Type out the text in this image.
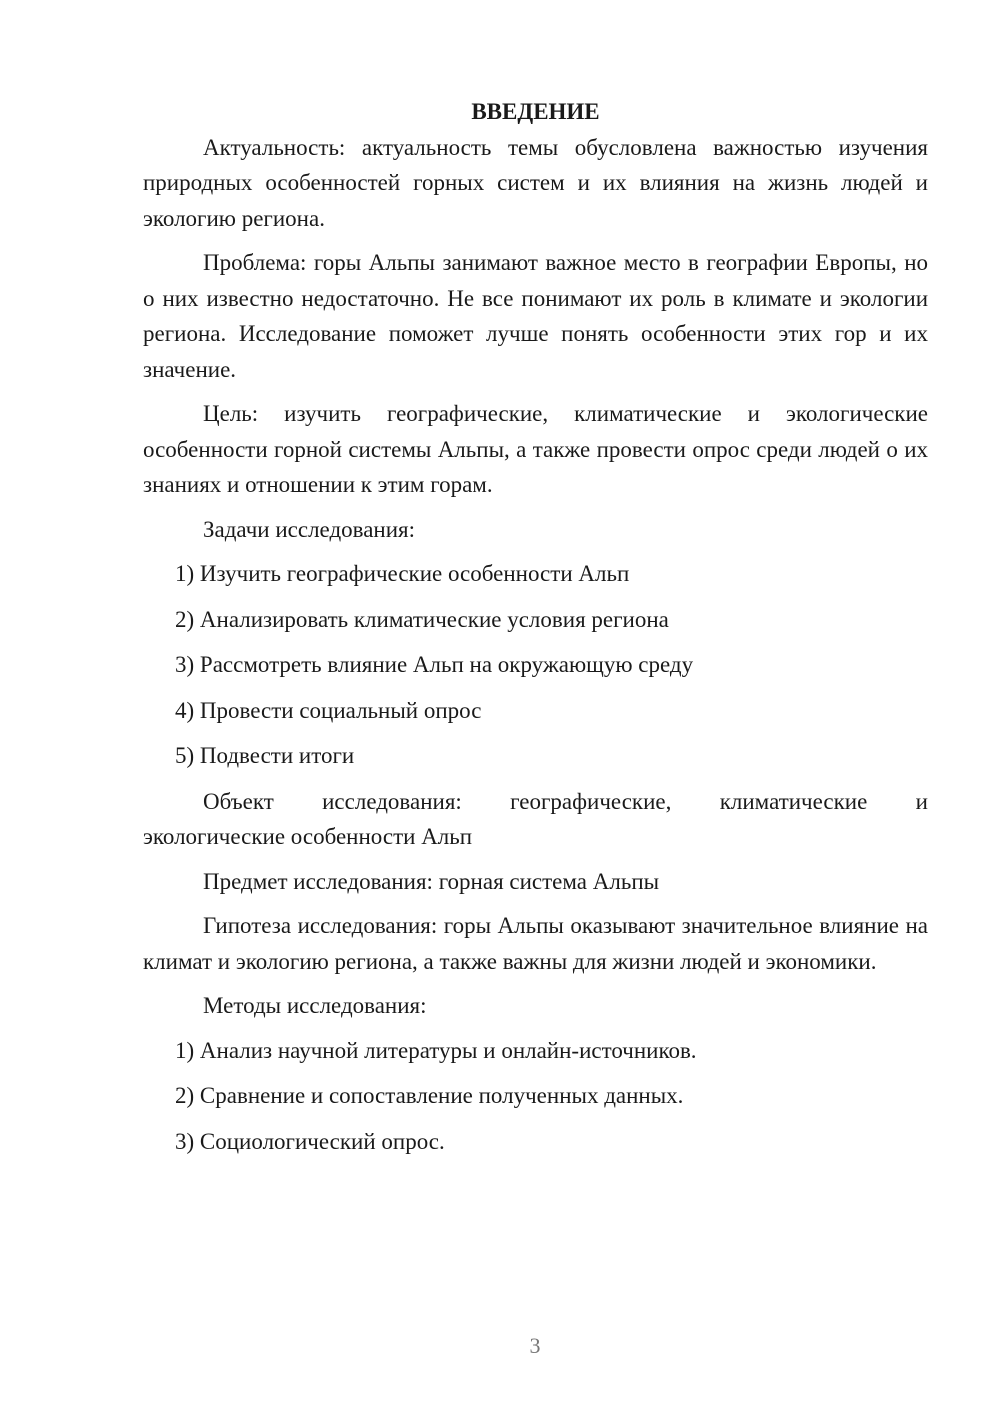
ВВЕДЕНИЕ

Актуальность: актуальность темы обусловлена важностью изучения природных особенностей горных систем и их влияния на жизнь людей и экологию региона.

Проблема: горы Альпы занимают важное место в географии Европы, но о них известно недостаточно. Не все понимают их роль в климате и экологии региона. Исследование поможет лучше понять особенности этих гор и их значение.

Цель: изучить географические, климатические и экологические особенности горной системы Альпы, а также провести опрос среди людей о их знаниях и отношении к этим горам.

Задачи исследования:

1) Изучить географические особенности Альп
2) Анализировать климатические условия региона
3) Рассмотреть влияние Альп на окружающую среду
4) Провести социальный опрос
5) Подвести итоги
Объект исследования: географические, климатические и

экологические особенности Альп

Предмет исследования: горная система Альпы

Гипотеза исследования: горы Альпы оказывают значительное влияние на климат и экологию региона, а также важны для жизни людей и экономики.

Методы исследования:

1) Анализ научной литературы и онлайн-источников.
2) Сравнение и сопоставление полученных данных.
3) Социологический опрос.
3
